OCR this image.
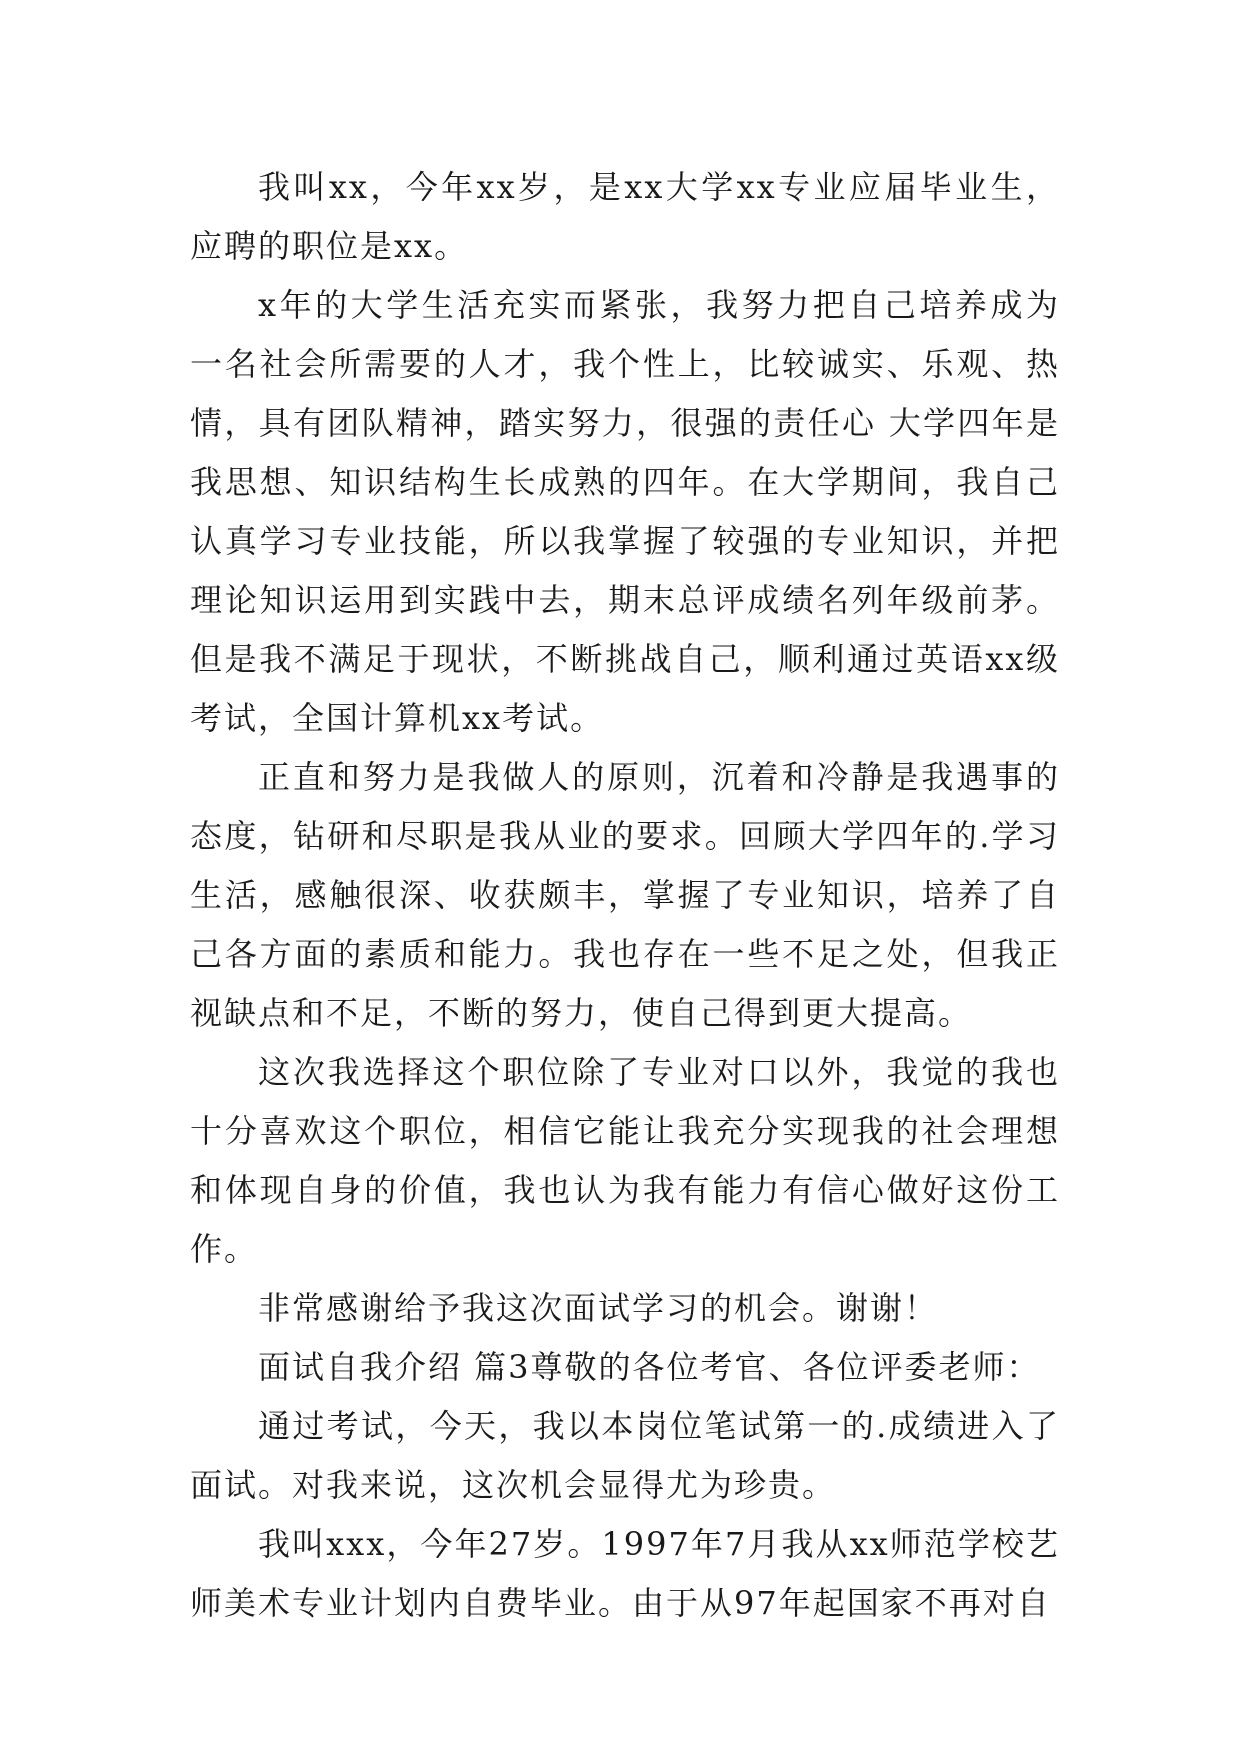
我叫xx，今年xx岁，是xx大学xx专业应届毕业生，应聘的职位是xx。

x年的大学生活充实而紧张，我努力把自己培养成为一名社会所需要的人才，我个性上，比较诚实、乐观、热情，具有团队精神，踏实努力，很强的责任心 大学四年是我思想、知识结构生长成熟的四年。在大学期间，我自己认真学习专业技能，所以我掌握了较强的专业知识，并把理论知识运用到实践中去，期末总评成绩名列年级前茅。但是我不满足于现状，不断挑战自己，顺利通过英语xx级考试，全国计算机xx考试。

正直和努力是我做人的原则，沉着和冷静是我遇事的态度，钻研和尽职是我从业的要求。回顾大学四年的.学习生活，感触很深、收获颇丰，掌握了专业知识，培养了自己各方面的素质和能力。我也存在一些不足之处，但我正视缺点和不足，不断的努力，使自己得到更大提高。

这次我选择这个职位除了专业对口以外，我觉的我也十分喜欢这个职位，相信它能让我充分实现我的社会理想和体现自身的价值，我也认为我有能力有信心做好这份工作。

非常感谢给予我这次面试学习的机会。谢谢！

面试自我介绍 篇3尊敬的各位考官、各位评委老师：

通过考试，今天，我以本岗位笔试第一的.成绩进入了面试。对我来说，这次机会显得尤为珍贵。

我叫xxx，今年27岁。1997年7月我从xx师范学校艺师美术专业计划内自费毕业。由于从97年起国家不再对自
